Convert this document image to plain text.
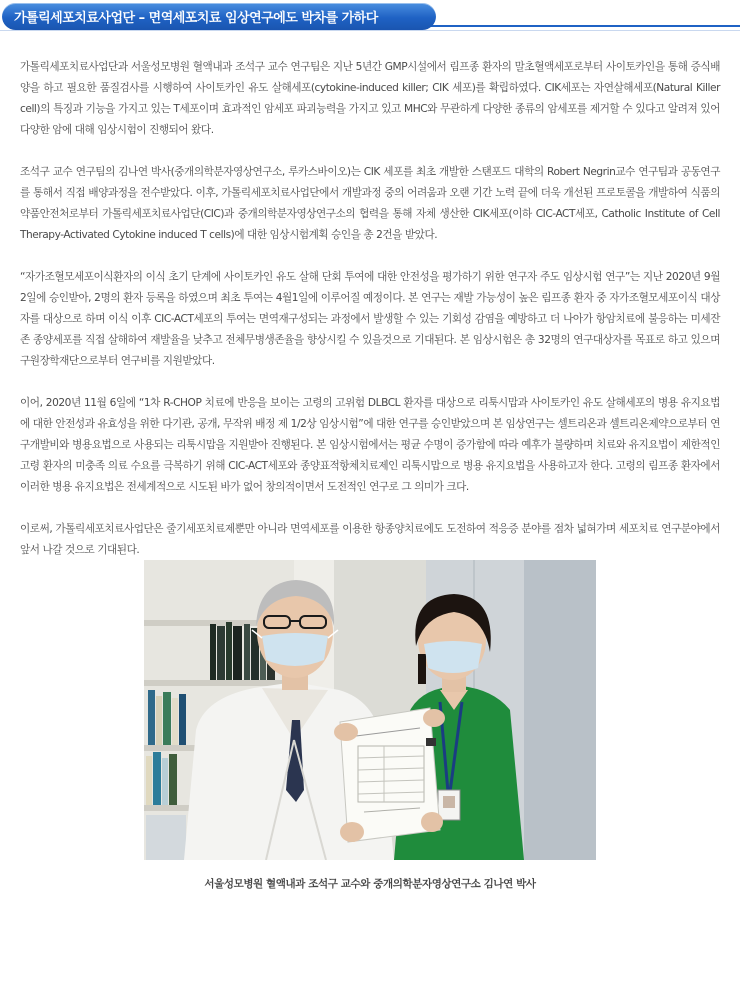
가톨릭세포치료사업단 – 면역세포치료 임상연구에도 박차를 가하다

가톨릭세포치료사업단과 서울성모병원 혈액내과 조석구 교수 연구팀은 지난 5년간 GMP시설에서 림프종 환자의 말초혈액세포로부터 사이토카인을 통해 증식배양을 하고 필요한 품질검사를 시행하여 사이토카인 유도 살해세포(cytokine-induced killer; CIK 세포)를 확립하였다. CIK세포는 자연살해세포(Natural Killer cell)의 특징과 기능을 가지고 있는 T세포이며 효과적인 암세포 파괴능력을 가지고 있고 MHC와 무관하게 다양한 종류의 암세포를 제거할 수 있다고 알려져 있어 다양한 암에 대해 임상시험이 진행되어 왔다.

조석구 교수 연구팀의 김나연 박사(중개의학분자영상연구소, 루카스바이오)는 CIK 세포를 최초 개발한 스탠포드 대학의 Robert Negrin교수 연구팀과 공동연구를 통해서 직접 배양과정을 전수받았다. 이후, 가톨릭세포치료사업단에서 개발과정 중의 어려움과 오랜 기간 노력 끝에 더욱 개선된 프로토콜을 개발하여 식품의약품안전처로부터 가톨릭세포치료사업단(CIC)과 중개의학분자영상연구소의 협력을 통해 자체 생산한 CIK세포(이하 CIC-ACT세포, Catholic Institute of Cell Therapy-Activated Cytokine induced T cells)에 대한 임상시험계획 승인을 총 2건을 받았다.

“자가조혈모세포이식환자의 이식 초기 단계에 사이토카인 유도 살해 단회 투여에 대한 안전성을 평가하기 위한 연구자 주도 임상시험 연구”는 지난 2020년 9월 2일에 승인받아, 2명의 환자 등록을 하였으며 최초 투여는 4월1일에 이루어질 예정이다. 본 연구는 재발 가능성이 높은 림프종 환자 중 자가조혈모세포이식 대상자를 대상으로 하며 이식 이후 CIC-ACT세포의 투여는 면역재구성되는 과정에서 발생할 수 있는 기회성 감염을 예방하고 더 나아가 항암치료에 불응하는 미세잔존 종양세포를 직접 살해하여 재발율을 낮추고 전체무병생존율을 향상시킬 수 있을것으로 기대된다. 본 임상시험은 총 32명의 연구대상자를 목표로 하고 있으며 구원장학재단으로부터 연구비를 지원받았다.

이어, 2020년 11월 6일에 “1차 R-CHOP 치료에 반응을 보이는 고령의 고위험 DLBCL 환자를 대상으로 리툭시맙과 사이토카인 유도 살해세포의 병용 유지요법에 대한 안전성과 유효성을 위한 다기관, 공개, 무작위 배정 제 1/2상 임상시험”에 대한 연구를 승인받았으며 본 임상연구는 셀트리온과 셀트리온제약으로부터 연구개발비와 병용요법으로 사용되는 리툭시맙을 지원받아 진행된다. 본 임상시험에서는 평균 수명이 증가함에 따라 예후가 불량하며 치료와 유지요법이 제한적인 고령 환자의 미충족 의료 수요를 극복하기 위해 CIC-ACT세포와 종양표적항체치료제인 리툭시맙으로 병용 유지요법을 사용하고자 한다. 고령의 림프종 환자에서 이러한 병용 유지요법은 전세계적으로 시도된 바가 없어 창의적이면서 도전적인 연구로 그 의미가 크다.

이로써, 가톨릭세포치료사업단은 줄기세포치료제뿐만 아니라 면역세포를 이용한 항종양치료에도 도전하여 적응증 분야를 점차 넓혀가며 세포치료 연구분야에서 앞서 나갈 것으로 기대된다.

서울성모병원 혈액내과 조석구 교수와 중개의학분자영상연구소 김나연 박사
